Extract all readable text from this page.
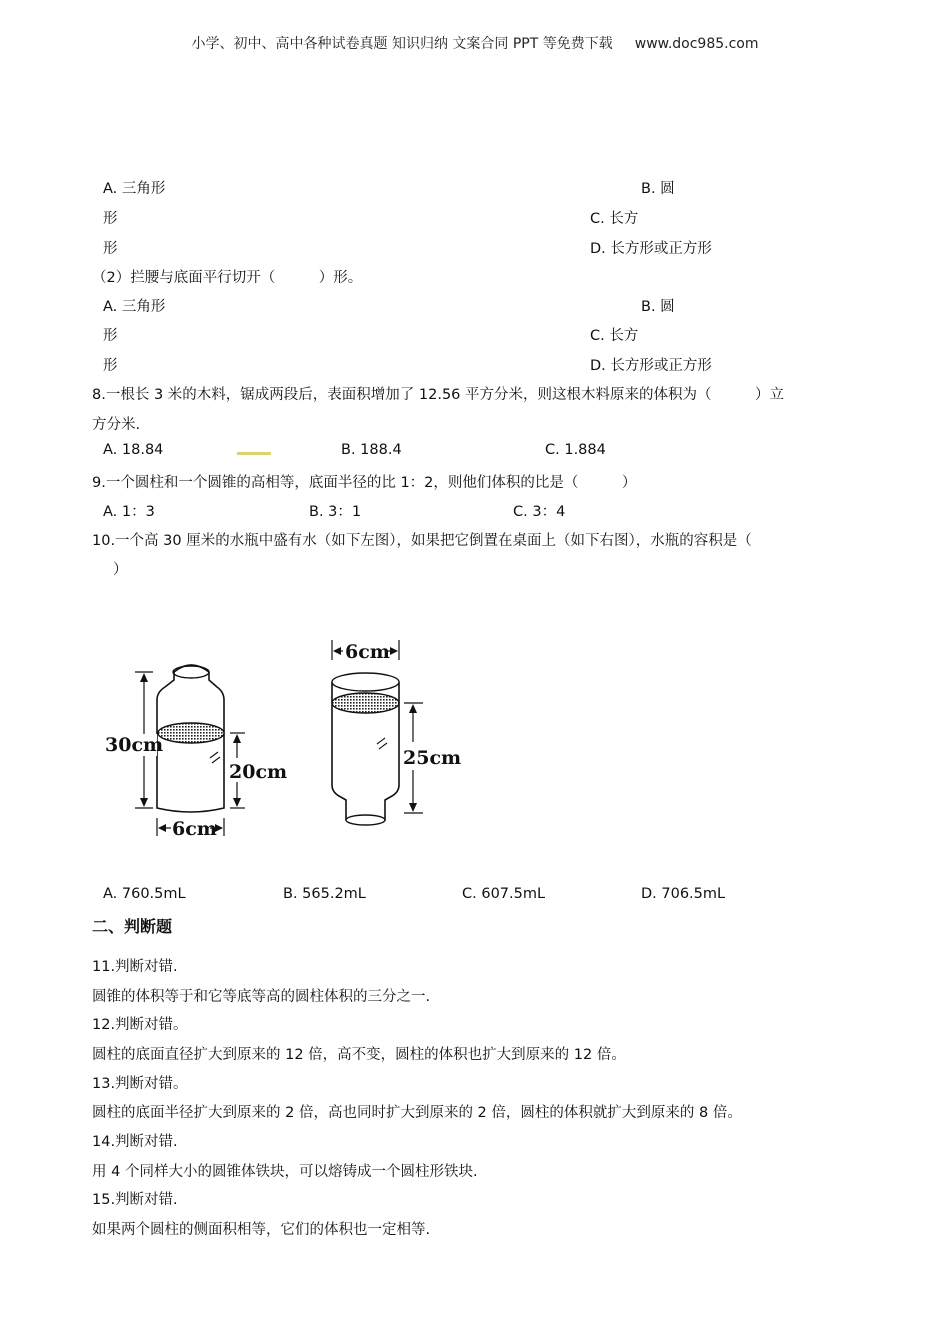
小学、初中、高中各种试卷真题 知识归纳 文案合同 PPT 等免费下载 www.doc985.com
A. 三角形	B. 圆
形	C. 长方
形	D. 长方形或正方形
（2）拦腰与底面平行切开（　　　）形。
A. 三角形	B. 圆
形	C. 长方
形	D. 长方形或正方形
8.一根长 3 米的木料，锯成两段后，表面积增加了 12.56 平方分米，则这根木料原来的体积为（　　　）立
方分米.
A. 18.84	B. 188.4	C. 1.884
9.一个圆柱和一个圆锥的高相等，底面半径的比 1：2，则他们体积的比是（　　　）
A. 1：3	B. 3：1	C. 3：4
10.一个高 30 厘米的水瓶中盛有水（如下左图），如果把它倒置在桌面上（如下右图），水瓶的容积是（
）
30cm
20cm
6cm
6cm
25cm
A. 760.5mL	B. 565.2mL	C. 607.5mL	D. 706.5mL
二、判断题
11.判断对错.
圆锥的体积等于和它等底等高的圆柱体积的三分之一.
12.判断对错。
圆柱的底面直径扩大到原来的 12 倍，高不变，圆柱的体积也扩大到原来的 12 倍。
13.判断对错。
圆柱的底面半径扩大到原来的 2 倍，高也同时扩大到原来的 2 倍，圆柱的体积就扩大到原来的 8 倍。
14.判断对错.
用 4 个同样大小的圆锥体铁块，可以熔铸成一个圆柱形铁块.
15.判断对错.
如果两个圆柱的侧面积相等，它们的体积也一定相等.
